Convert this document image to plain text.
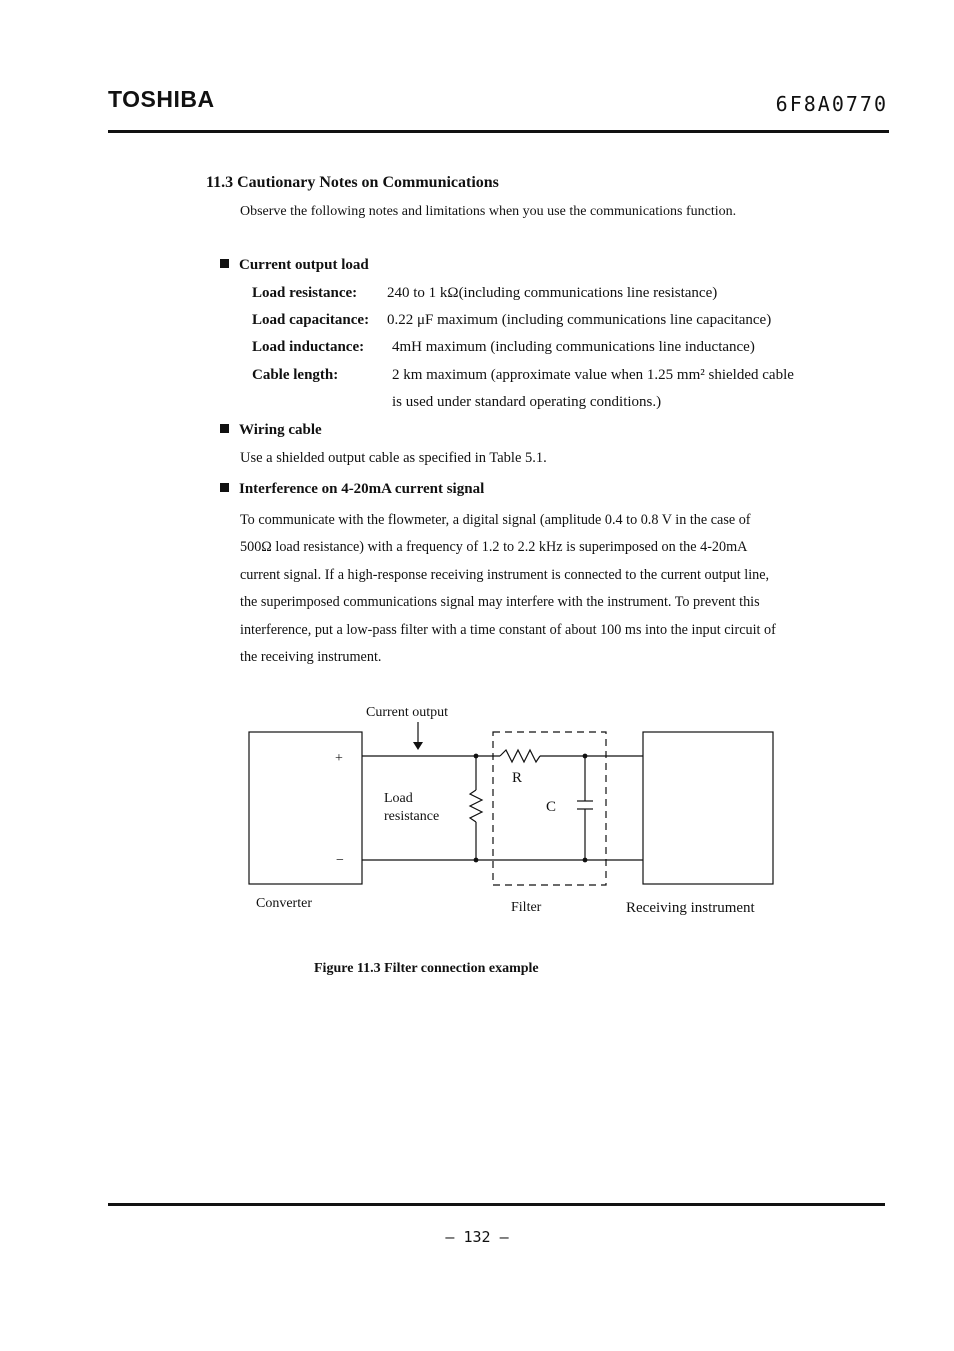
TOSHIBA	6F8A0770
11.3 Cautionary Notes on Communications
Observe the following notes and limitations when you use the communications function.
Current output load
Load resistance: 240 to 1 kΩ(including communications line resistance)
Load capacitance: 0.22 μF maximum (including communications line capacitance)
Load inductance: 4mH maximum (including communications line inductance)
Cable length:	2 km maximum (approximate value when 1.25 mm² shielded cable
is used under standard operating conditions.)
Wiring cable
Use a shielded output cable as specified in Table 5.1.
Interference on 4-20mA current signal

To communicate with the flowmeter, a digital signal (amplitude 0.4 to 0.8 V in the case of

500Ω load resistance) with a frequency of 1.2 to 2.2 kHz is superimposed on the 4-20mA

current signal. If a high-response receiving instrument is connected to the current output line,

the superimposed communications signal may interfere with the instrument. To prevent this

interference, put a low-pass filter with a time constant of about 100 ms into the input circuit of

the receiving instrument.

Current output
+
−
Load
resistance
R
C
Converter	Filter	Receiving instrument
Figure 11.3 Filter connection example
— 132 —
